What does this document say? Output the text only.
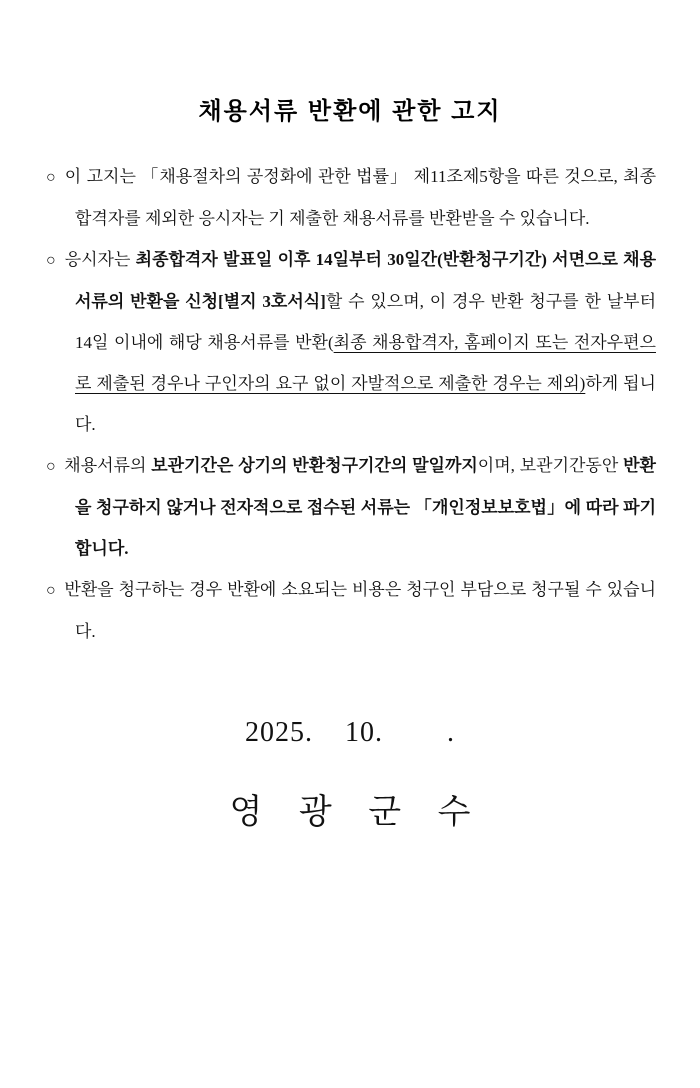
채용서류 반환에 관한 고지

○ 이 고지는 「채용절차의 공정화에 관한 법률」 제11조제5항을 따른 것으로, 최종합격자를 제외한 응시자는 기 제출한 채용서류를 반환받을 수 있습니다.

○ 응시자는 최종합격자 발표일 이후 14일부터 30일간(반환청구기간) 서면으로 채용서류의 반환을 신청[별지 3호서식]할 수 있으며, 이 경우 반환 청구를 한 날부터 14일 이내에 해당 채용서류를 반환(최종 채용합격자, 홈페이지 또는 전자우편으로 제출된 경우나 구인자의 요구 없이 자발적으로 제출한 경우는 제외)하게 됩니다.

○ 채용서류의 보관기간은 상기의 반환청구기간의 말일까지이며, 보관기간동안 반환을 청구하지 않거나 전자적으로 접수된 서류는 「개인정보보호법」에 따라 파기합니다.

○ 반환을 청구하는 경우 반환에 소요되는 비용은 청구인 부담으로 청구될 수 있습니다.

2025.    10.        .
영 광 군 수
